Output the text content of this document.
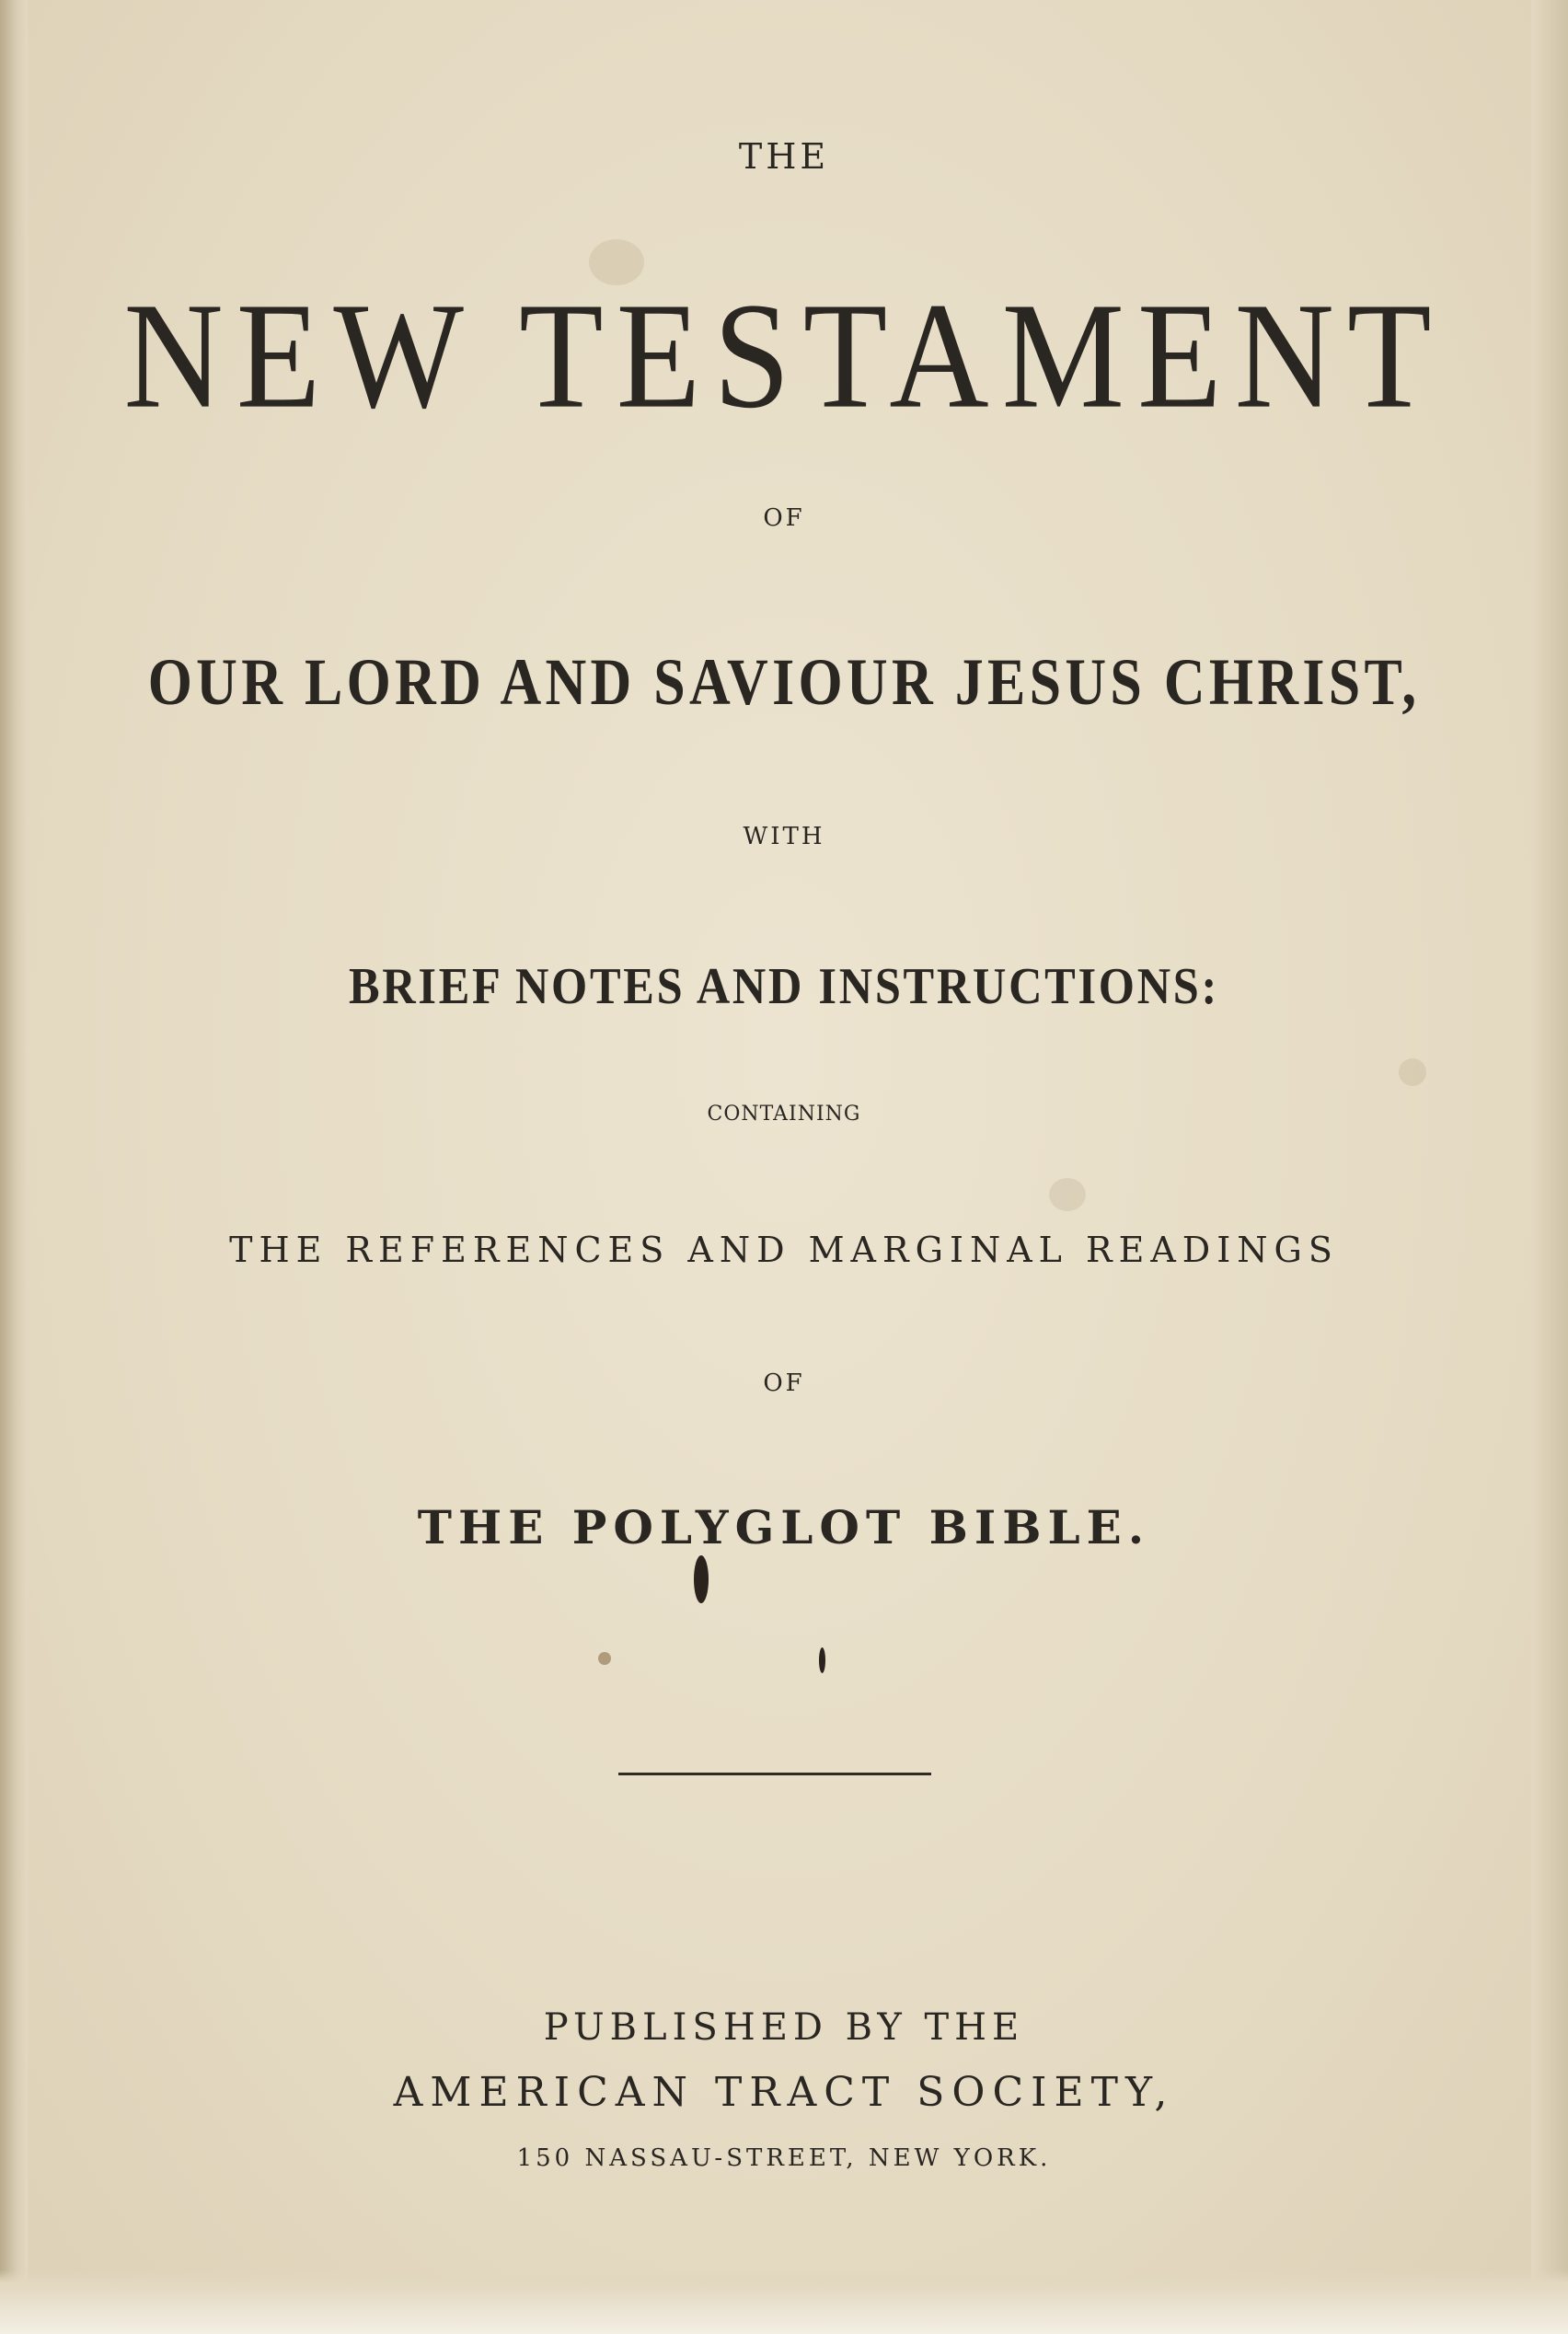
THE
NEW TESTAMENT
OF
OUR LORD AND SAVIOUR JESUS CHRIST,
WITH
BRIEF NOTES AND INSTRUCTIONS:
CONTAINING
THE REFERENCES AND MARGINAL READINGS
OF
THE POLYGLOT BIBLE.
PUBLISHED BY THE
AMERICAN TRACT SOCIETY,
150 NASSAU-STREET, NEW YORK.
